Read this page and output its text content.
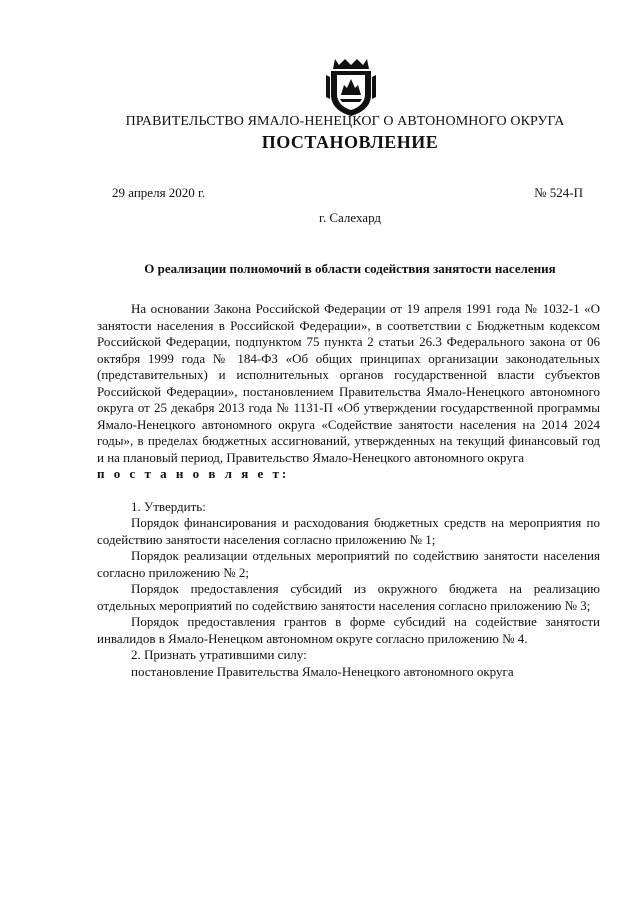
ПРАВИТЕЛЬСТВО ЯМАЛО-НЕНЕЦКОГ О АВТОНОМНОГО ОКРУГА
ПОСТАНОВЛЕНИЕ
29 апреля 2020 г.	№ 524-П
г. Салехард
О реализации полномочий в области содействия занятости населения

На основании Закона Российской Федерации от 19 апреля 1991 года № 1032-1 «О занятости населения в Российской Федерации», в соответствии с Бюджетным кодексом Российской Федерации, подпунктом 75 пункта 2 статьи 26.3 Федерального закона от 06 октября 1999 года № 184-ФЗ «Об общих принципах организации законодательных (представительных) и исполнительных органов государственной власти субъектов Российской Федерации», постановлением Правительства Ямало-Ненецкого автономного округа от 25 декабря 2013 года № 1131-П «Об утверждении государственной программы Ямало-Ненецкого автономного округа «Содействие занятости населения на 2014 2024 годы», в пределах бюджетных ассигнований, утвержденных на текущий финансовый год и на плановый период, Правительство Ямало-Ненецкого автономного округа

п о с т а н о в л я е т:

1. Утвердить:

Порядок финансирования и расходования бюджетных средств на мероприятия по содействию занятости населения согласно приложению № 1;

Порядок реализации отдельных мероприятий по содействию занятости населения согласно приложению № 2;

Порядок предоставления субсидий из окружного бюджета на реализацию отдельных мероприятий по содействию занятости населения согласно приложению № 3;

Порядок предоставления грантов в форме субсидий на содействие занятости инвалидов в Ямало-Ненецком автономном округе согласно приложению № 4.

2. Признать утратившими силу:

постановление Правительства Ямало-Ненецкого автономного округа
